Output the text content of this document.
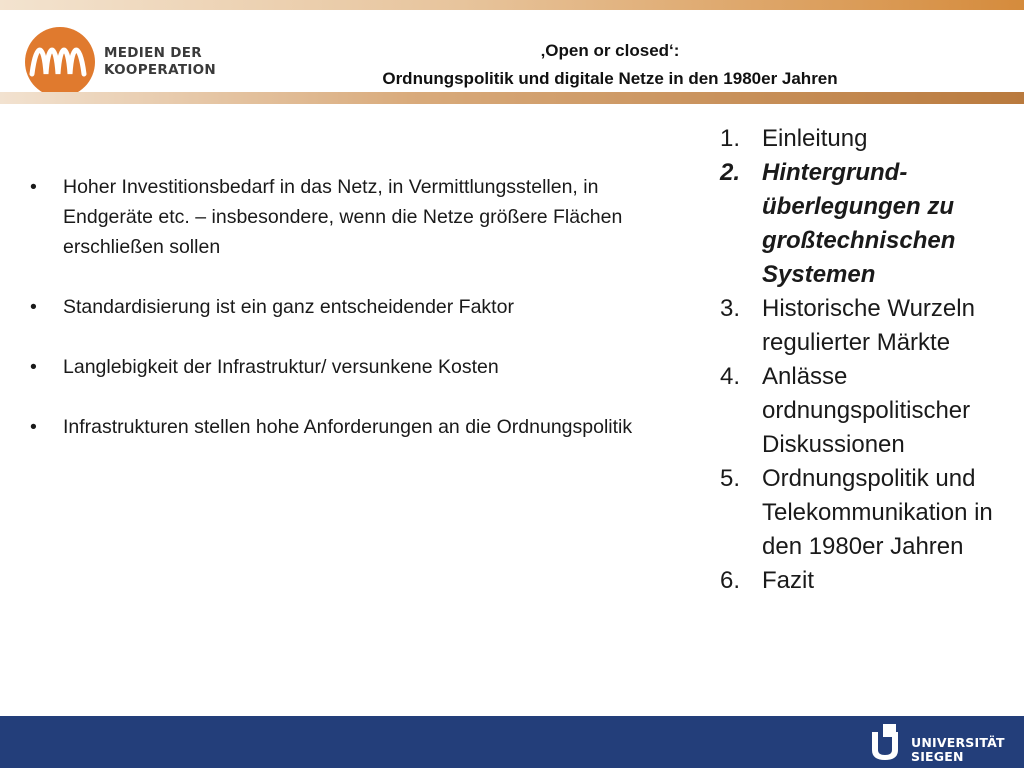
MEDIEN DER
KOOPERATION
‚Open or closed‘:
Ordnungspolitik und digitale Netze in den 1980er Jahren
• Hoher Investitionsbedarf in das Netz, in Vermittlungsstellen, in Endgeräte etc. – insbesondere, wenn die Netze größere Flächen erschließen sollen
• Standardisierung ist ein ganz entscheidender Faktor
• Langlebigkeit der Infrastruktur/ versunkene Kosten
• Infrastrukturen stellen hohe Anforderungen an die Ordnungspolitik
1. Einleitung
2. Hintergrund-überlegungen zu großtechnischen Systemen
3. Historische Wurzeln regulierter Märkte
4. Anlässe ordnungspolitischer Diskussionen
5. Ordnungspolitik und Telekommunikation in den 1980er Jahren
6. Fazit
UNIVERSITÄT
SIEGEN
